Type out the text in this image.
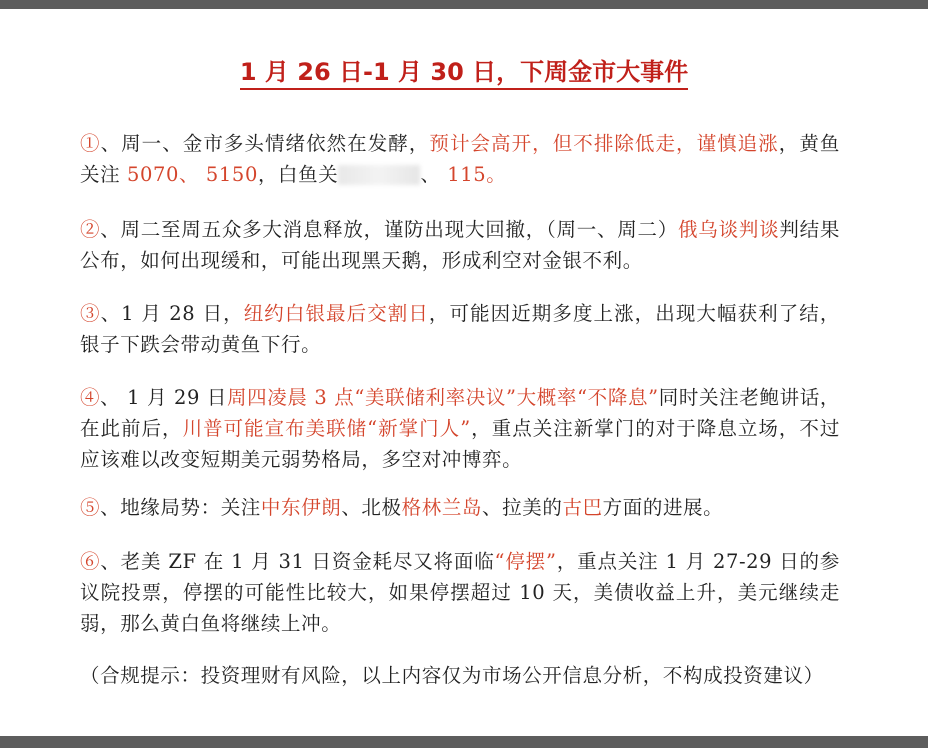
1 月 26 日-1 月 30 日，下周金市大事件
①、周一、金市多头情绪依然在发酵，预计会高开，但不排除低走，谨慎追涨，黄鱼关注 5070、 5150，白鱼关	、 115。
②、周二至周五众多大消息释放，谨防出现大回撤，（周一、周二）俄乌谈判谈判结果公布，如何出现缓和，可能出现黑天鹅，形成利空对金银不利。
③、1 月 28 日，纽约白银最后交割日，可能因近期多度上涨，出现大幅获利了结，银子下跌会带动黄鱼下行。
④、 1 月 29 日周四凌晨 3 点“美联储利率决议”大概率“不降息”同时关注老鲍讲话，在此前后，川普可能宣布美联储“新掌门人”，重点关注新掌门的对于降息立场，不过应该难以改变短期美元弱势格局，多空对冲博弈。
⑤、地缘局势：关注中东伊朗、北极格林兰岛、拉美的古巴方面的进展。
⑥、老美 ZF 在 1 月 31 日资金耗尽又将面临“停摆”，重点关注 1 月 27-29 日的参议院投票，停摆的可能性比较大，如果停摆超过 10 天，美债收益上升，美元继续走弱，那么黄白鱼将继续上冲。
（合规提示：投资理财有风险，以上内容仅为市场公开信息分析，不构成投资建议）
